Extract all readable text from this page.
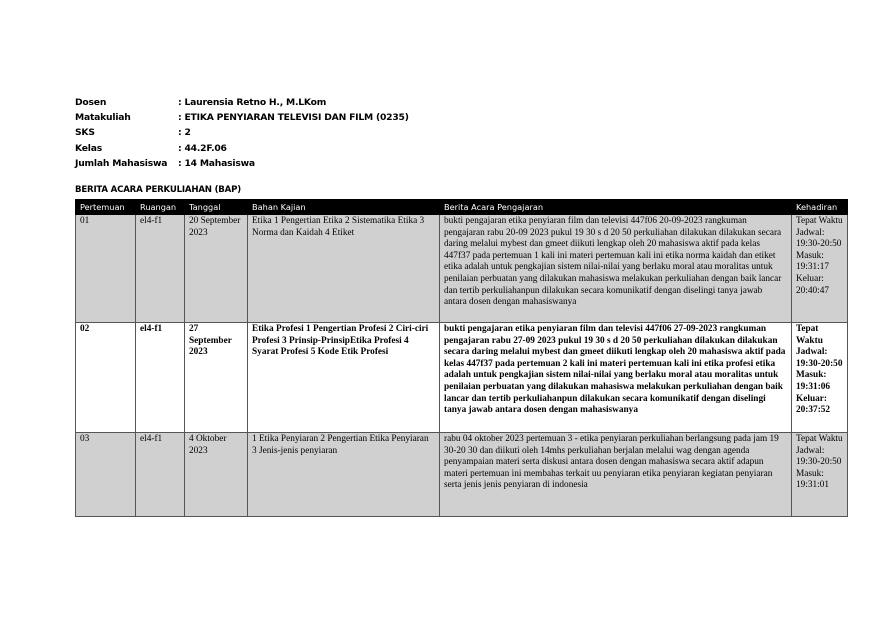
Dosen	: Laurensia Retno H., M.LKom
Matakuliah	: ETIKA PENYIARAN TELEVISI DAN FILM (0235)
SKS	: 2
Kelas	: 44.2F.06
Jumlah Mahasiswa	: 14 Mahasiswa
BERITA ACARA PERKULIAHAN (BAP)
Pertemuan	Ruangan	Tanggal	Bahan Kajian	Berita Acara Pengajaran	Kehadiran
01	el4-f1	20 September 2023	Etika 1 Pengertian Etika 2 Sistematika Etika 3 Norma dan Kaidah 4 Etiket	bukti pengajaran etika penyiaran film dan televisi 447f06 20-09-2023 rangkuman pengajaran rabu 20-09 2023 pukul 19 30 s d 20 50 perkuliahan dilakukan dilakukan secara daring melalui mybest dan gmeet diikuti lengkap oleh 20 mahasiswa aktif pada kelas 447f37 pada pertemuan 1 kali ini materi pertemuan kali ini etika norma kaidah dan etiket etika adalah untuk pengkajian sistem nilai-nilai yang berlaku moral atau moralitas untuk penilaian perbuatan yang dilakukan mahasiswa melakukan perkuliahan dengan baik lancar dan tertib perkuliahanpun dilakukan secara komunikatif dengan diselingi tanya jawab antara dosen dengan mahasiswanya	Tepat Waktu Jadwal: 19:30-20:50 Masuk: 19:31:17 Keluar: 20:40:47
02	el4-f1	27 September 2023	Etika Profesi 1 Pengertian Profesi 2 Ciri-ciri Profesi 3 Prinsip-PrinsipEtika Profesi 4 Syarat Profesi 5 Kode Etik Profesi	bukti pengajaran etika penyiaran film dan televisi 447f06 27-09-2023 rangkuman pengajaran rabu 27-09 2023 pukul 19 30 s d 20 50 perkuliahan dilakukan dilakukan secara daring melalui mybest dan gmeet diikuti lengkap oleh 20 mahasiswa aktif pada kelas 447f37 pada pertemuan 2 kali ini materi pertemuan kali ini etika profesi etika adalah untuk pengkajian sistem nilai-nilai yang berlaku moral atau moralitas untuk penilaian perbuatan yang dilakukan mahasiswa melakukan perkuliahan dengan baik lancar dan tertib perkuliahanpun dilakukan secara komunikatif dengan diselingi tanya jawab antara dosen dengan mahasiswanya	Tepat Waktu Jadwal: 19:30-20:50 Masuk: 19:31:06 Keluar: 20:37:52
03	el4-f1	4 Oktober 2023	1 Etika Penyiaran 2 Pengertian Etika Penyiaran 3 Jenis-jenis penyiaran	rabu 04 oktober 2023 pertemuan 3 - etika penyiaran perkuliahan berlangsung pada jam 19 30-20 30 dan diikuti oleh 14mhs perkuliahan berjalan melalui wag dengan agenda penyampaian materi serta diskusi antara dosen dengan mahasiswa secara aktif adapun materi pertemuan ini membahas terkait uu penyiaran etika penyiaran kegiatan penyiaran serta jenis jenis penyiaran di indonesia	Tepat Waktu Jadwal: 19:30-20:50 Masuk: 19:31:01
